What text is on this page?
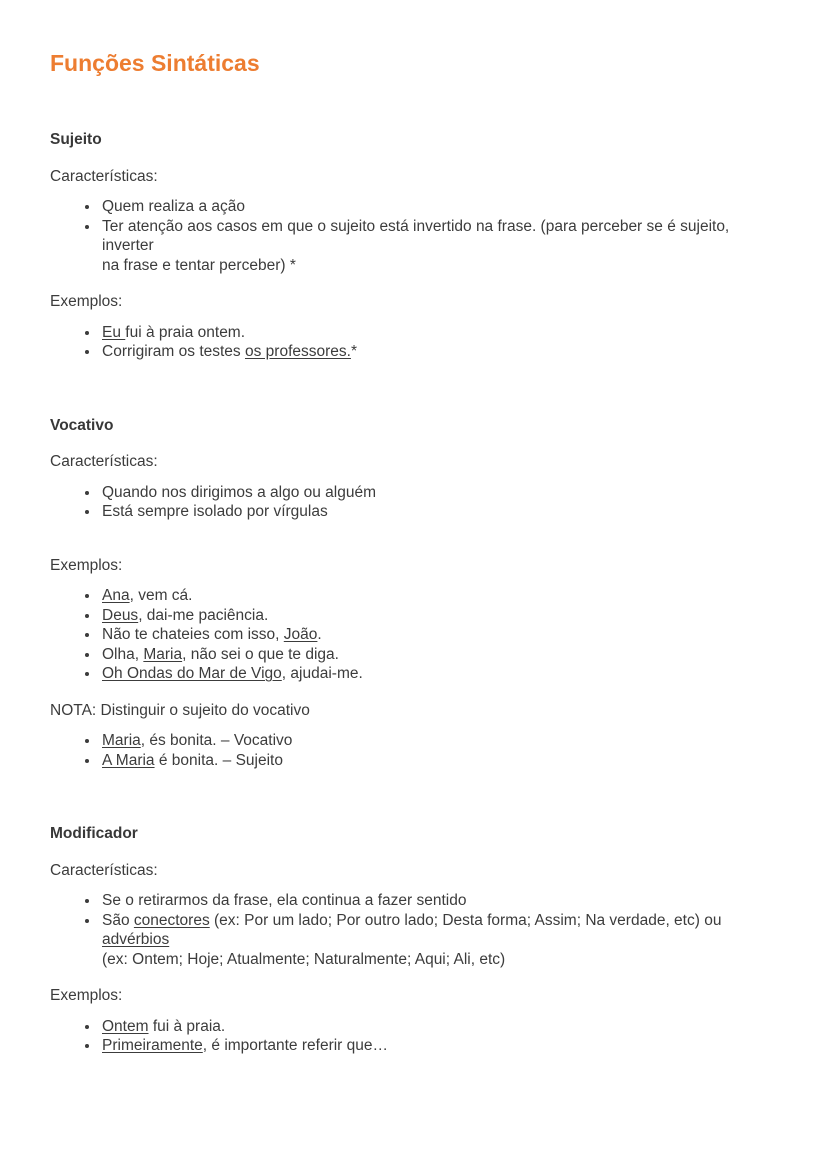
Funções Sintáticas
Sujeito

Características:

• Quem realiza a ação
• Ter atenção aos casos em que o sujeito está invertido na frase. (para perceber se é sujeito, inverter
na frase e tentar perceber) *

Exemplos:

• Eu fui à praia ontem.
• Corrigiram os testes os professores.*
Vocativo

Características:

• Quando nos dirigimos a algo ou alguém
• Está sempre isolado por vírgulas

Exemplos:

• Ana, vem cá.
• Deus, dai-me paciência.
• Não te chateies com isso, João.
• Olha, Maria, não sei o que te diga.
• Oh Ondas do Mar de Vigo, ajudai-me.

NOTA: Distinguir o sujeito do vocativo

• Maria, és bonita. – Vocativo
• A Maria é bonita. – Sujeito
Modificador

Características:

• Se o retirarmos da frase, ela continua a fazer sentido
• São conectores (ex: Por um lado; Por outro lado; Desta forma; Assim; Na verdade, etc) ou advérbios
(ex: Ontem; Hoje; Atualmente; Naturalmente; Aqui; Ali, etc)

Exemplos:

• Ontem fui à praia.
• Primeiramente, é importante referir que…
